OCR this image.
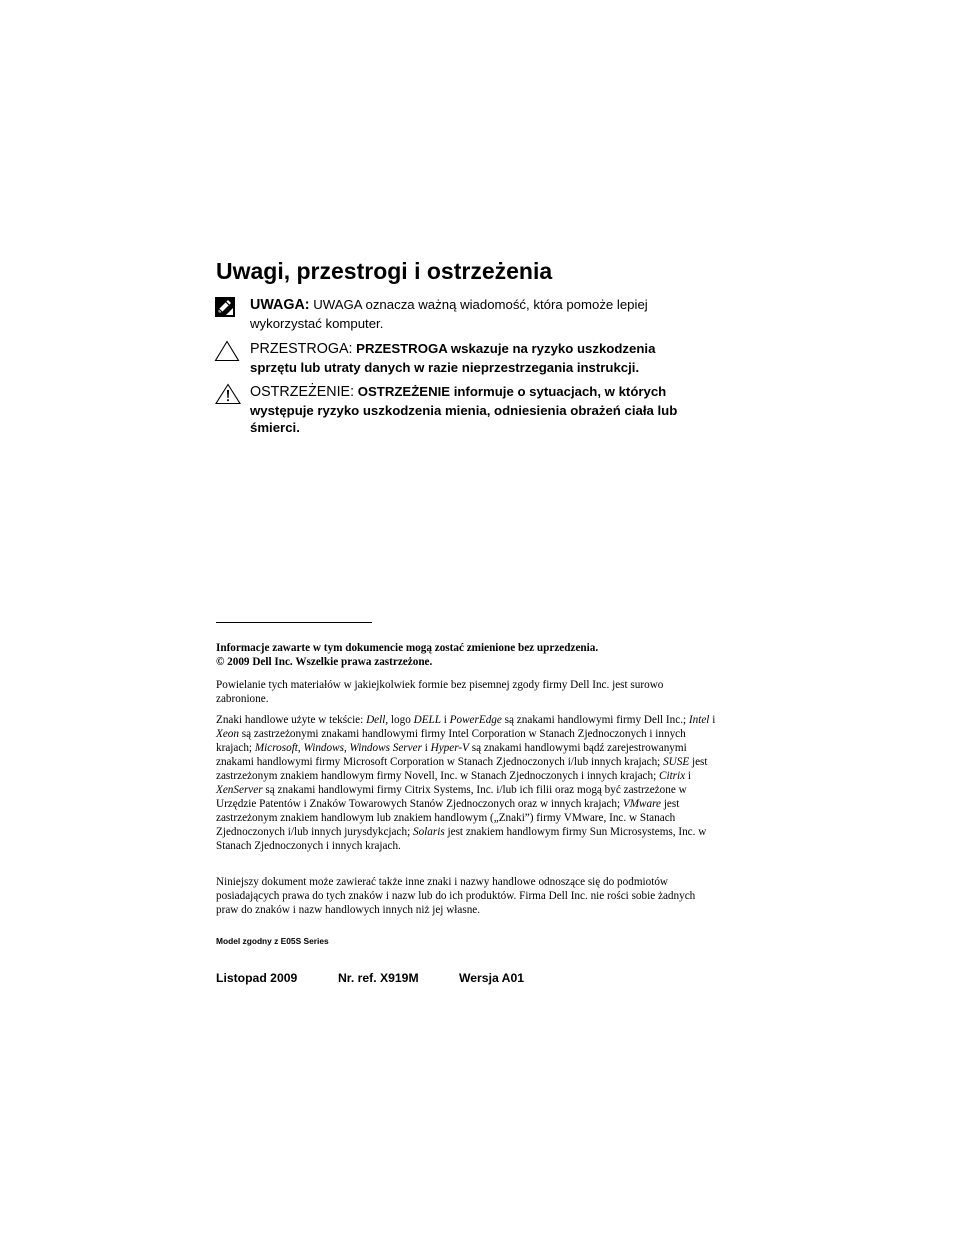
Uwagi, przestrogi i ostrzeżenia
UWAGA: UWAGA oznacza ważną wiadomość, która pomoże lepiej wykorzystać komputer.
PRZESTROGA: PRZESTROGA wskazuje na ryzyko uszkodzenia sprzętu lub utraty danych w razie nieprzestrzegania instrukcji.
OSTRZEŻENIE: OSTRZEŻENIE informuje o sytuacjach, w których występuje ryzyko uszkodzenia mienia, odniesienia obrażeń ciała lub śmierci.

Informacje zawarte w tym dokumencie mogą zostać zmienione bez uprzedzenia.
© 2009 Dell Inc. Wszelkie prawa zastrzeżone.

Powielanie tych materiałów w jakiejkolwiek formie bez pisemnej zgody firmy Dell Inc. jest surowo zabronione.

Znaki handlowe użyte w tekście: Dell, logo DELL i PowerEdge są znakami handlowymi firmy Dell Inc.; Intel i Xeon są zastrzeżonymi znakami handlowymi firmy Intel Corporation w Stanach Zjednoczonych i innych krajach; Microsoft, Windows, Windows Server i Hyper-V są znakami handlowymi bądź zarejestrowanymi znakami handlowymi firmy Microsoft Corporation w Stanach Zjednoczonych i/lub innych krajach; SUSE jest zastrzeżonym znakiem handlowym firmy Novell, Inc. w Stanach Zjednoczonych i innych krajach; Citrix i XenServer są znakami handlowymi firmy Citrix Systems, Inc. i/lub ich filii oraz mogą być zastrzeżone w Urzędzie Patentów i Znaków Towarowych Stanów Zjednoczonych oraz w innych krajach; VMware jest zastrzeżonym znakiem handlowym lub znakiem handlowym („Znaki”) firmy VMware, Inc. w Stanach Zjednoczonych i/lub innych jurysdykcjach; Solaris jest znakiem handlowym firmy Sun Microsystems, Inc. w Stanach Zjednoczonych i innych krajach.

Niniejszy dokument może zawierać także inne znaki i nazwy handlowe odnoszące się do podmiotów posiadających prawa do tych znaków i nazw lub do ich produktów. Firma Dell Inc. nie rości sobie żadnych praw do znaków i nazw handlowych innych niż jej własne.

Model zgodny z E05S Series
Listopad 2009	Nr. ref. X919M	Wersja A01
